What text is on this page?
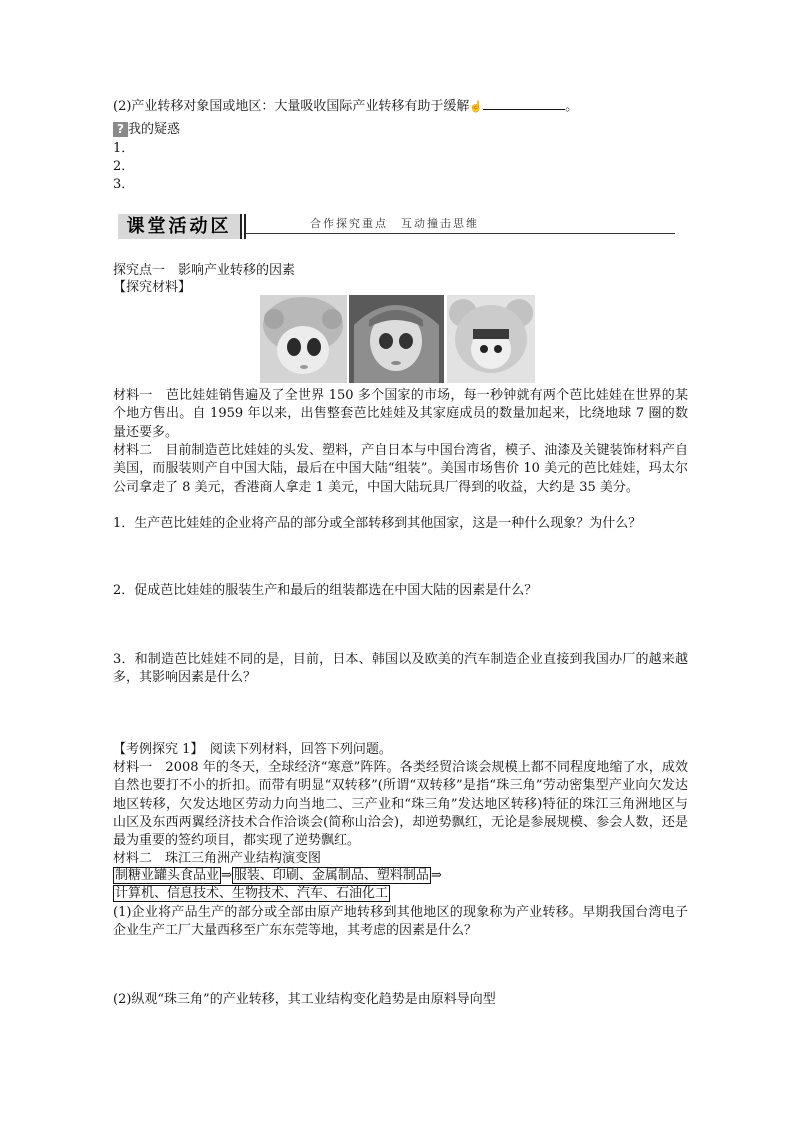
(2)产业转移对象国或地区：大量吸收国际产业转移有助于缓解☝	。
? 我的疑惑
1．
2．
3．
课堂活动区	合作探究重点　互动撞击思维
探究点一　影响产业转移的因素
【探究材料】
材料一　芭比娃娃销售遍及了全世界 150 多个国家的市场，每一秒钟就有两个芭比娃娃在世界的某个地方售出。自 1959 年以来，出售整套芭比娃娃及其家庭成员的数量加起来，比绕地球 7 圈的数量还要多。
材料二　目前制造芭比娃娃的头发、塑料，产自日本与中国台湾省，模子、油漆及关键装饰材料产自美国，而服装则产自中国大陆，最后在中国大陆“组装”。美国市场售价 10 美元的芭比娃娃，玛太尔公司拿走了 8 美元，香港商人拿走 1 美元，中国大陆玩具厂得到的收益，大约是 35 美分。
1．生产芭比娃娃的企业将产品的部分或全部转移到其他国家，这是一种什么现象？为什么？
2．促成芭比娃娃的服装生产和最后的组装都选在中国大陆的因素是什么？
3．和制造芭比娃娃不同的是，目前，日本、韩国以及欧美的汽车制造企业直接到我国办厂的越来越多，其影响因素是什么？
【考例探究 1】　阅读下列材料，回答下列问题。
材料一　2008 年的冬天，全球经济“寒意”阵阵。各类经贸洽谈会规模上都不同程度地缩了水，成效自然也要打不小的折扣。而带有明显“双转移”(所谓“双转移”是指“珠三角”劳动密集型产业向欠发达地区转移，欠发达地区劳动力向当地二、三产业和“珠三角”发达地区转移)特征的珠江三角洲地区与山区及东西两翼经济技术合作洽谈会(简称山洽会)，却逆势飘红，无论是参展规模、参会人数，还是最为重要的签约项目，都实现了逆势飘红。
材料二　珠江三角洲产业结构演变图
制糖业罐头食品业 ⇒ 服装、印刷、金属制品、塑料制品 ⇒
计算机、信息技术、生物技术、汽车、石油化工
(1)企业将产品生产的部分或全部由原产地转移到其他地区的现象称为产业转移。早期我国台湾电子企业生产工厂大量西移至广东东莞等地，其考虑的因素是什么？
(2)纵观“珠三角”的产业转移，其工业结构变化趋势是由原料导向型
